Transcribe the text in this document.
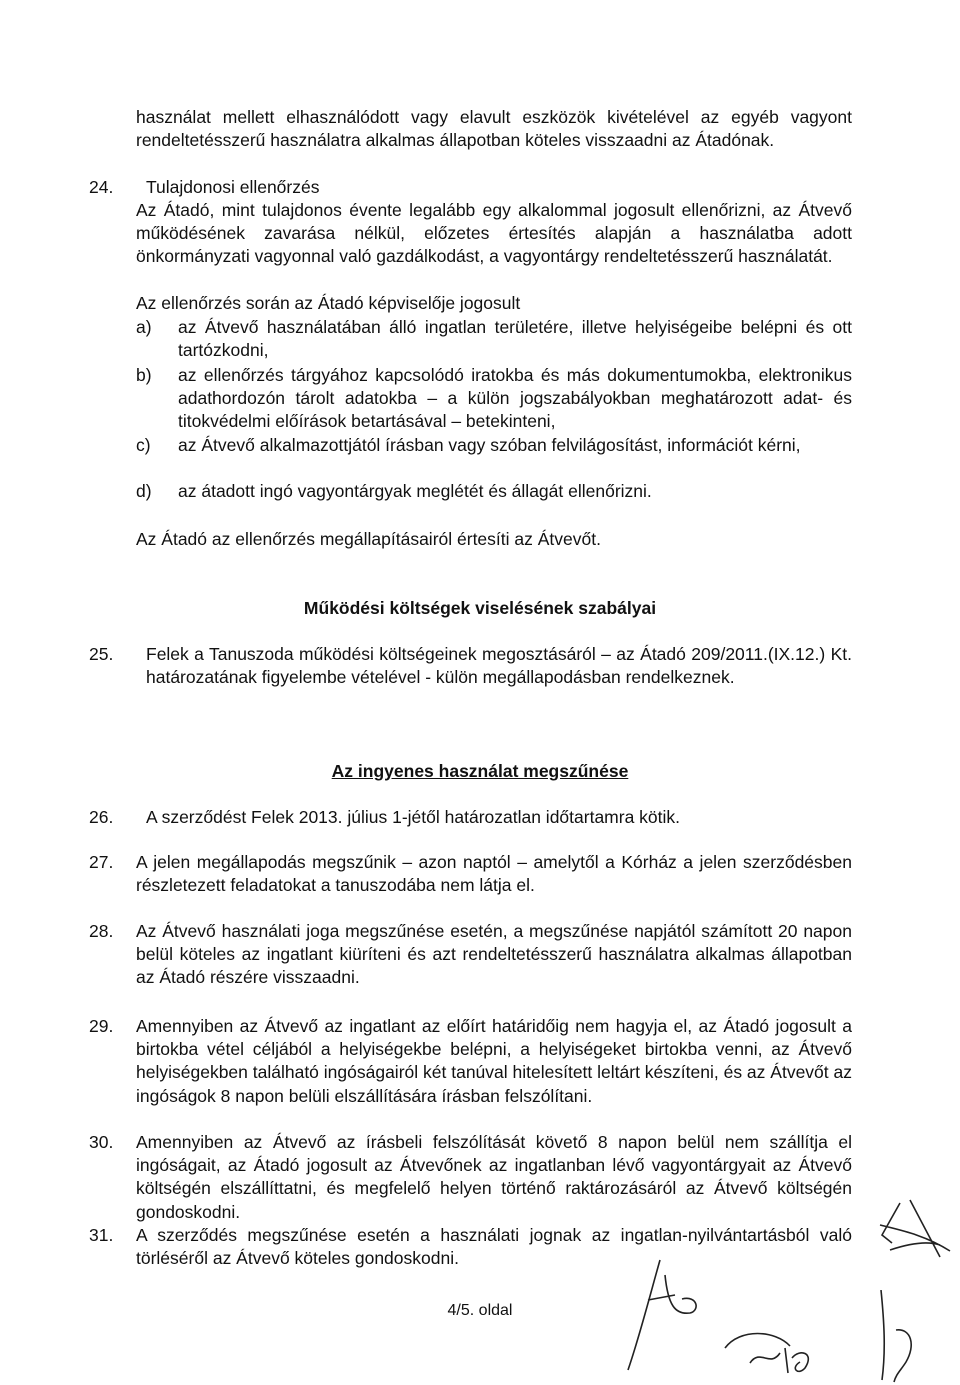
használat mellett elhasználódott vagy elavult eszközök kivételével az egyéb vagyont rendeltetésszerű használatra alkalmas állapotban köteles visszaadni az Átadónak.

24. Tulajdonosi ellenőrzés

Az Átadó, mint tulajdonos évente legalább egy alkalommal jogosult ellenőrizni, az Átvevő működésének zavarása nélkül, előzetes értesítés alapján a használatba adott önkormányzati vagyonnal való gazdálkodást, a vagyontárgy rendeltetésszerű használatát.

Az ellenőrzés során az Átadó képviselője jogosult
a) az Átvevő használatában álló ingatlan területére, illetve helyiségeibe belépni és ott tartózkodni,
b) az ellenőrzés tárgyához kapcsolódó iratokba és más dokumentumokba, elektronikus adathordozón tárolt adatokba – a külön jogszabályokban meghatározott adat- és titokvédelmi előírások betartásával – betekinteni,
c) az Átvevő alkalmazottjától írásban vagy szóban felvilágosítást, információt kérni,
d) az átadott ingó vagyontárgyak meglétét és állagát ellenőrizni.
Az Átadó az ellenőrzés megállapításairól értesíti az Átvevőt.
Működési költségek viselésének szabályai
25. Felek a Tanuszoda működési költségeinek megosztásáról – az Átadó 209/2011.(IX.12.) Kt. határozatának figyelembe vételével - külön megállapodásban rendelkeznek.
Az ingyenes használat megszűnése
26. A szerződést Felek 2013. július 1-jétől határozatlan időtartamra kötik.
27. A jelen megállapodás megszűnik – azon naptól – amelytől a Kórház a jelen szerződésben részletezett feladatokat a tanuszodába nem látja el.
28. Az Átvevő használati joga megszűnése esetén, a megszűnése napjától számított 20 napon belül köteles az ingatlant kiüríteni és azt rendeltetésszerű használatra alkalmas állapotban az Átadó részére visszaadni.
29. Amennyiben az Átvevő az ingatlant az előírt határidőig nem hagyja el, az Átadó jogosult a birtokba vétel céljából a helyiségekbe belépni, a helyiségeket birtokba venni, az Átvevő helyiségekben található ingóságairól két tanúval hitelesített leltárt készíteni, és az Átvevőt az ingóságok 8 napon belüli elszállítására írásban felszólítani.
30. Amennyiben az Átvevő az írásbeli felszólítását követő 8 napon belül nem szállítja el ingóságait, az Átadó jogosult az Átvevőnek az ingatlanban lévő vagyontárgyait az Átvevő költségén elszállíttatni, és megfelelő helyen történő raktározásáról az Átvevő költségén gondoskodni.
31. A szerződés megszűnése esetén a használati jognak az ingatlan-nyilvántartásból való törléséről az Átvevő köteles gondoskodni.
4/5. oldal
